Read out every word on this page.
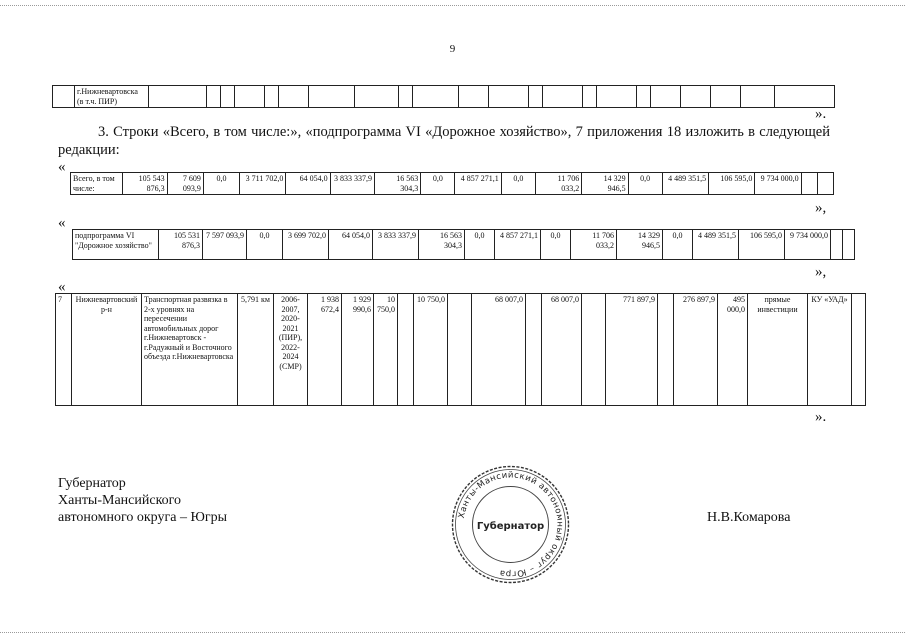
9
	г.Нижневартовска (в т.ч. ПИР)																						
».
3. Строки «Всего, в том числе:», «подпрограмма VI «Дорожное хозяйство», 7 приложения 18 изложить в следующей редакции:
«
Всего, в том числе:	105 543 876,3	7 609 093,9	0,0	3 711 702,0	64 054,0	3 833 337,9	16 563 304,3	0,0	4 857 271,1	0,0	11 706 033,2	14 329 946,5	0,0	4 489 351,5	106 595,0	9 734 000,0		
»,
«
подпрограмма VI "Дорожное хозяйство"	105 531 876,3	7 597 093,9	0,0	3 699 702,0	64 054,0	3 833 337,9	16 563 304,3	0,0	4 857 271,1	0,0	11 706 033,2	14 329 946,5	0,0	4 489 351,5	106 595,0	9 734 000,0		
»,
«
7	Нижневартовский р-н	Транспортная развязка в 2-х уровнях на пересечении автомобильных дорог г.Нижневартовск - г.Радужный и Восточного объезда г.Нижневартовска	5,791 км	2006-2007, 2020-2021 (ПИР), 2022-2024 (СМР)	1 938 672,4	1 929 990,6	10 750,0		10 750,0		68 007,0		68 007,0		771 897,9		276 897,9	495 000,0	прямые инвестиции	КУ «УАД»	
».
Губернатор
Ханты-Мансийского
автономного округа – Югры	Н.В.Комарова
Ханты-Мансийский автономный округ – Югра
Губернатор
